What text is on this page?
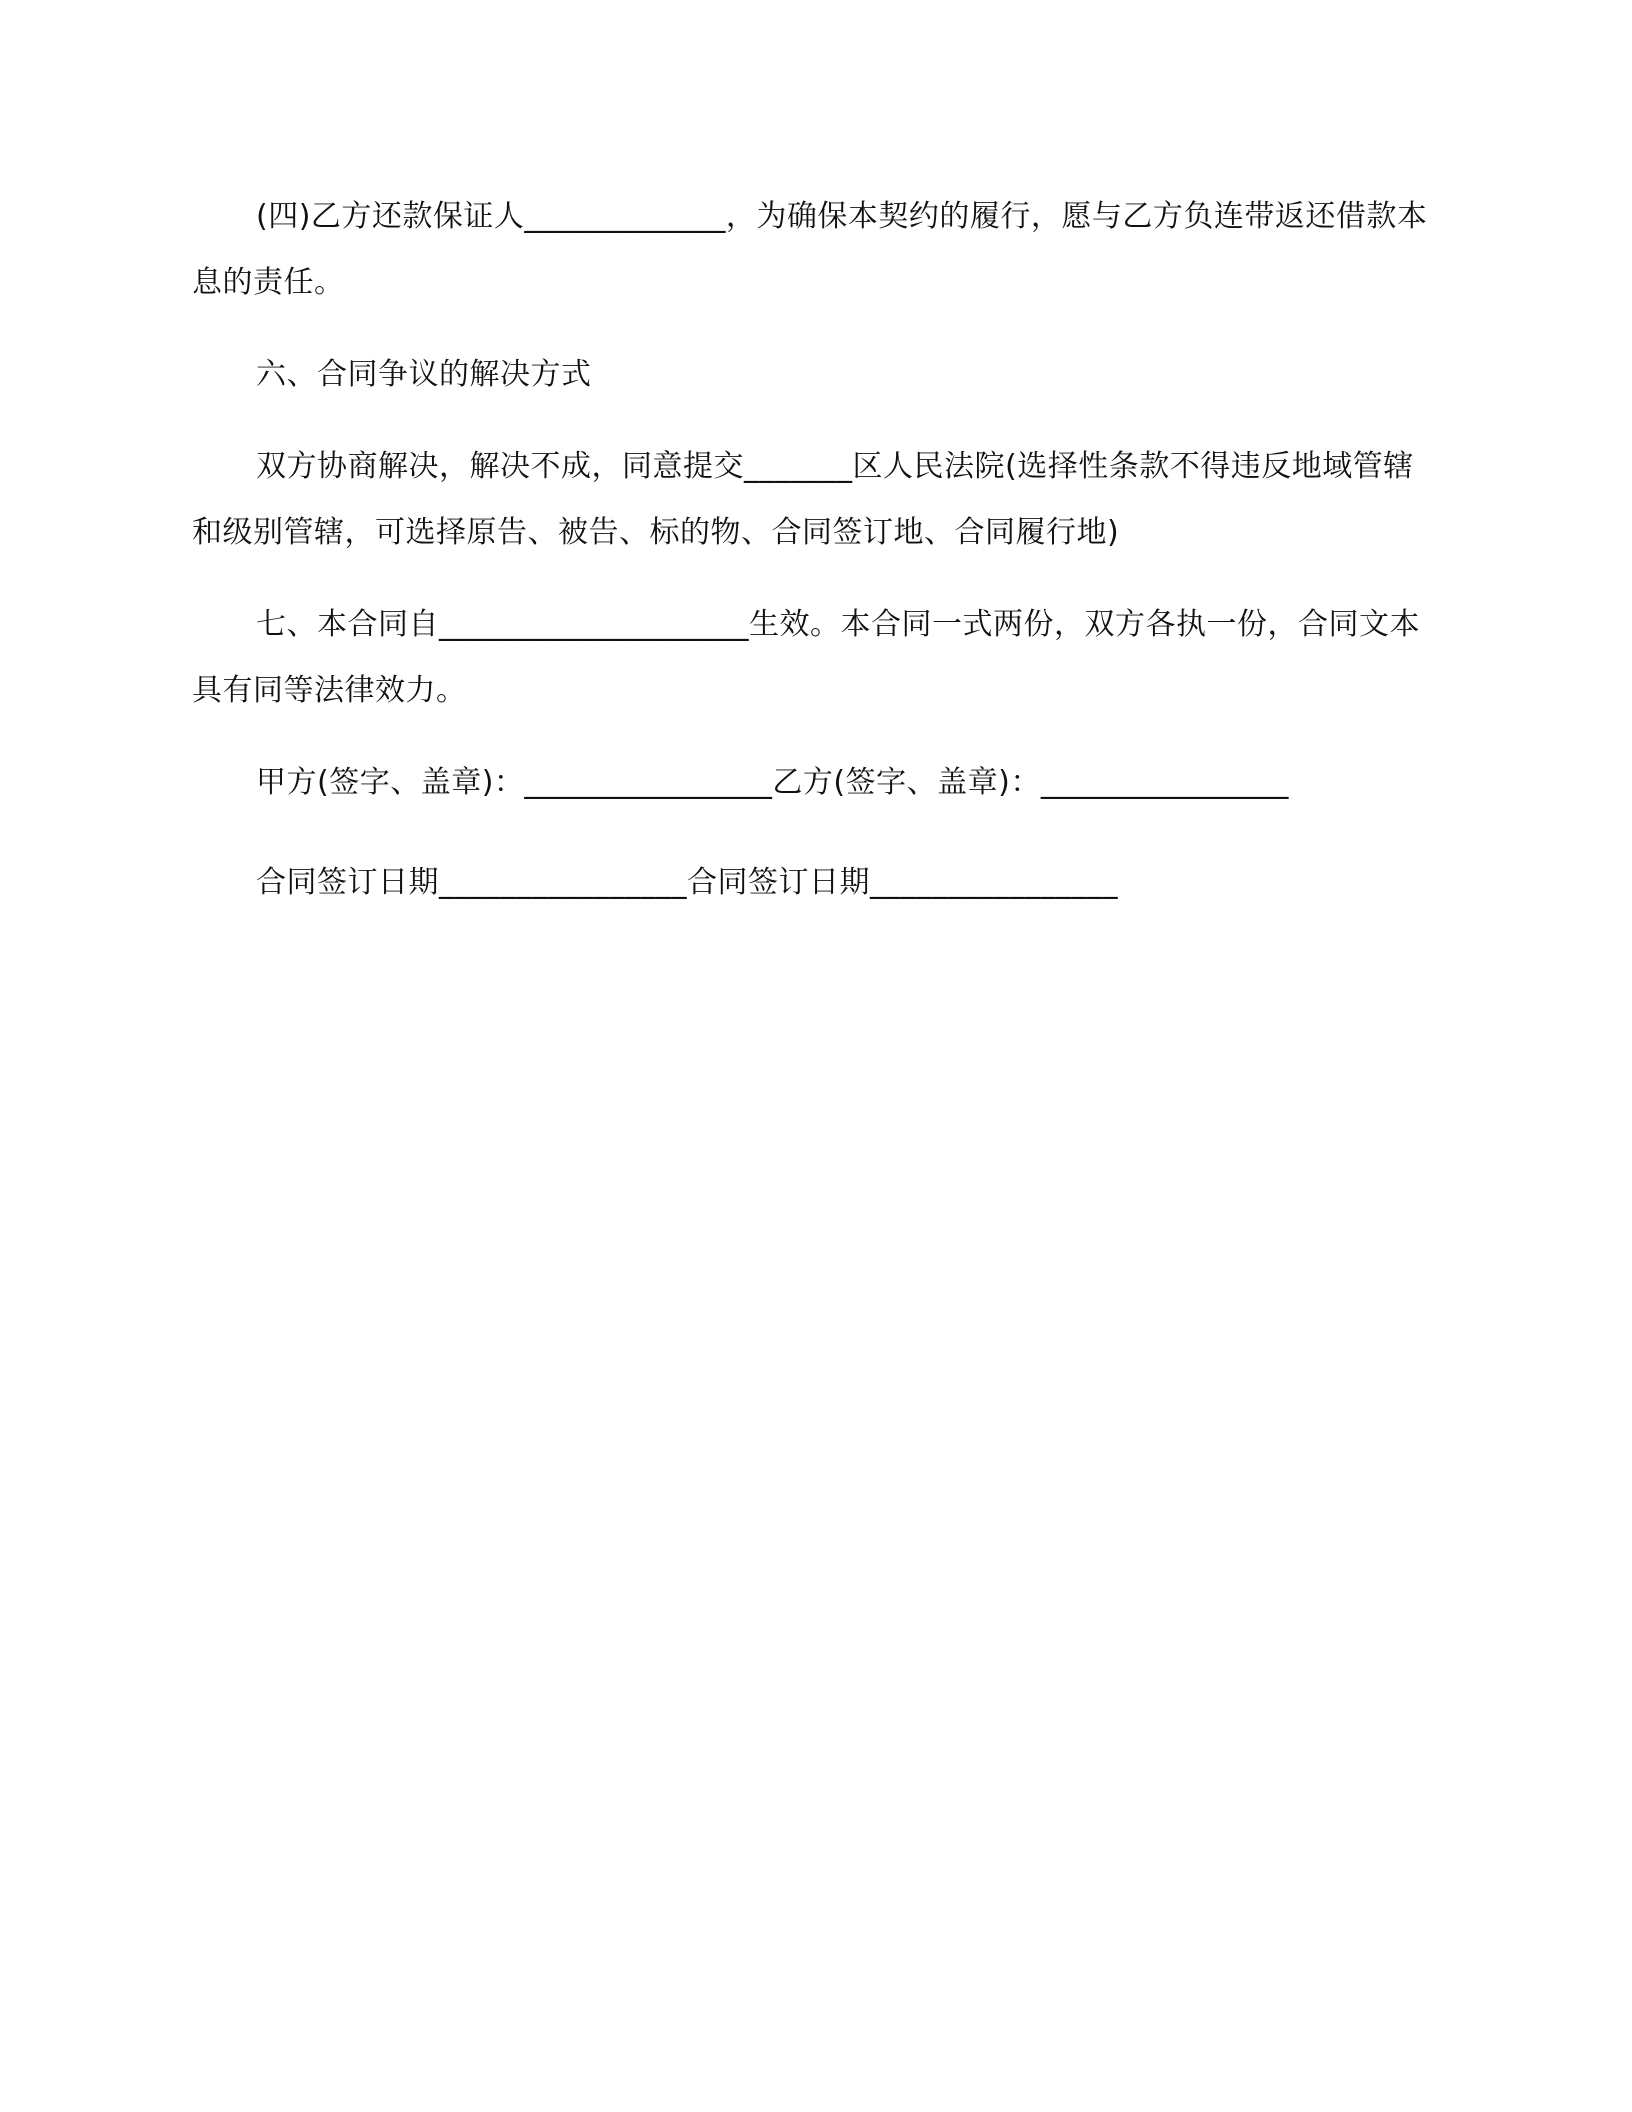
(四)乙方还款保证人_____________，为确保本契约的履行，愿与乙方负连带返还借款本息的责任。

六、合同争议的解决方式

双方协商解决，解决不成，同意提交_______区人民法院(选择性条款不得违反地域管辖和级别管辖，可选择原告、被告、标的物、合同签订地、合同履行地)

七、本合同自____________________生效。本合同一式两份，双方各执一份，合同文本具有同等法律效力。

甲方(签字、盖章)：________________乙方(签字、盖章)：________________

合同签订日期________________合同签订日期________________
